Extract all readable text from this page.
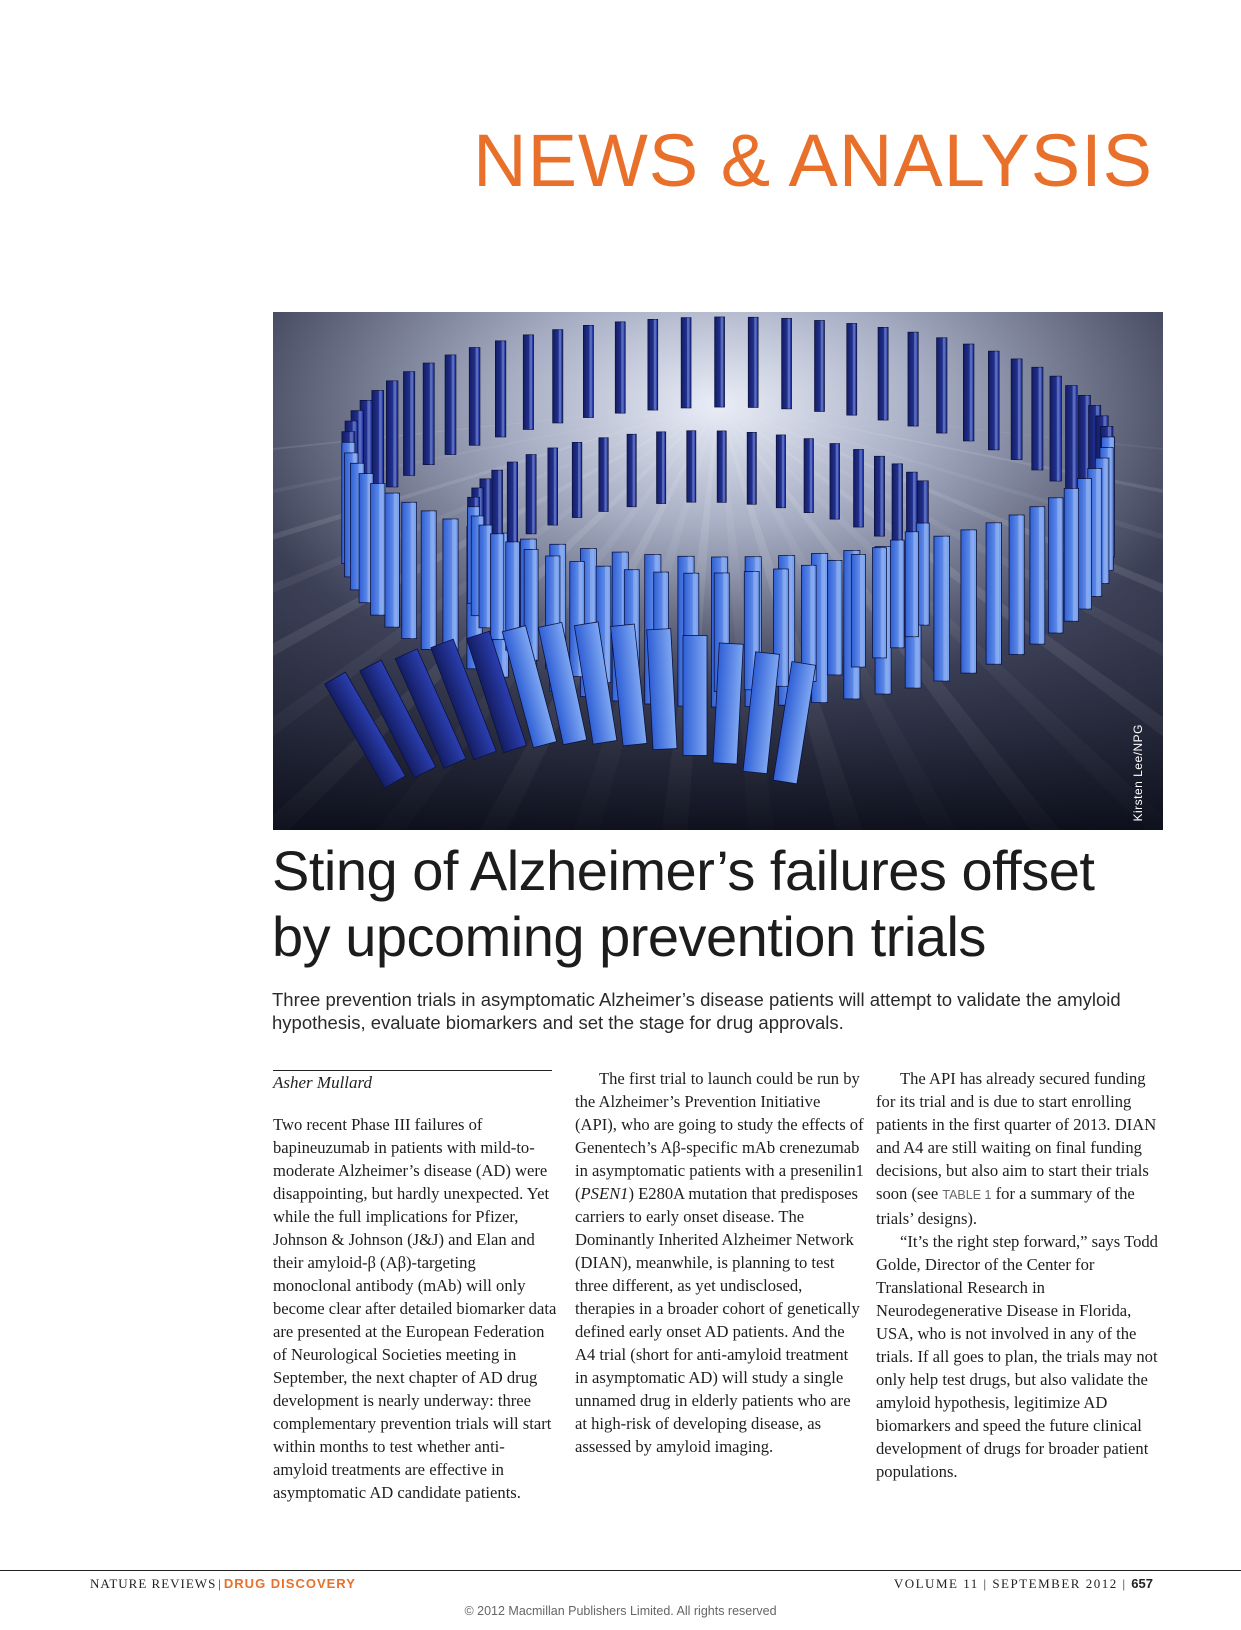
NEWS & ANALYSIS
Kirsten Lee/NPG
Sting of Alzheimer’s failures offset
by upcoming prevention trials
Three prevention trials in asymptomatic Alzheimer’s disease patients will attempt to validate the amyloid hypothesis, evaluate biomarkers and set the stage for drug approvals.
Asher Mullard

Two recent Phase III failures of bapineuzumab in patients with mild-to-moderate Alzheimer’s disease (AD) were disappointing, but hardly unexpected. Yet while the full implications for Pfizer, Johnson & Johnson (J&J) and Elan and their amyloid-β (Aβ)-targeting monoclonal antibody (mAb) will only become clear after detailed biomarker data are presented at the European Federation of Neurological Societies meeting in September, the next chapter of AD drug development is nearly underway: three complementary prevention trials will start within months to test whether anti-amyloid treatments are effective in asymptomatic AD candidate patients.

The first trial to launch could be run by the Alzheimer’s Prevention Initiative (API), who are going to study the effects of Genentech’s Aβ-specific mAb crenezumab in asymptomatic patients with a presenilin1 (PSEN1) E280A mutation that predisposes carriers to early onset disease. The Dominantly Inherited Alzheimer Network (DIAN), meanwhile, is planning to test three different, as yet undisclosed, therapies in a broader cohort of genetically defined early onset AD patients. And the A4 trial (short for anti-amyloid treatment in asymptomatic AD) will study a single unnamed drug in elderly patients who are at high-risk of developing disease, as assessed by amyloid imaging.

The API has already secured funding for its trial and is due to start enrolling patients in the first quarter of 2013. DIAN and A4 are still waiting on final funding decisions, but also aim to start their trials soon (see TABLE 1 for a summary of the trials’ designs).

“It’s the right step forward,” says Todd Golde, Director of the Center for Translational Research in Neurodegenerative Disease in Florida, USA, who is not involved in any of the trials. If all goes to plan, the trials may not only help test drugs, but also validate the amyloid hypothesis, legitimize AD biomarkers and speed the future clinical development of drugs for broader patient populations.

NATURE REVIEWS | DRUG DISCOVERY	VOLUME 11 | SEPTEMBER 2012 | 657
© 2012 Macmillan Publishers Limited. All rights reserved
